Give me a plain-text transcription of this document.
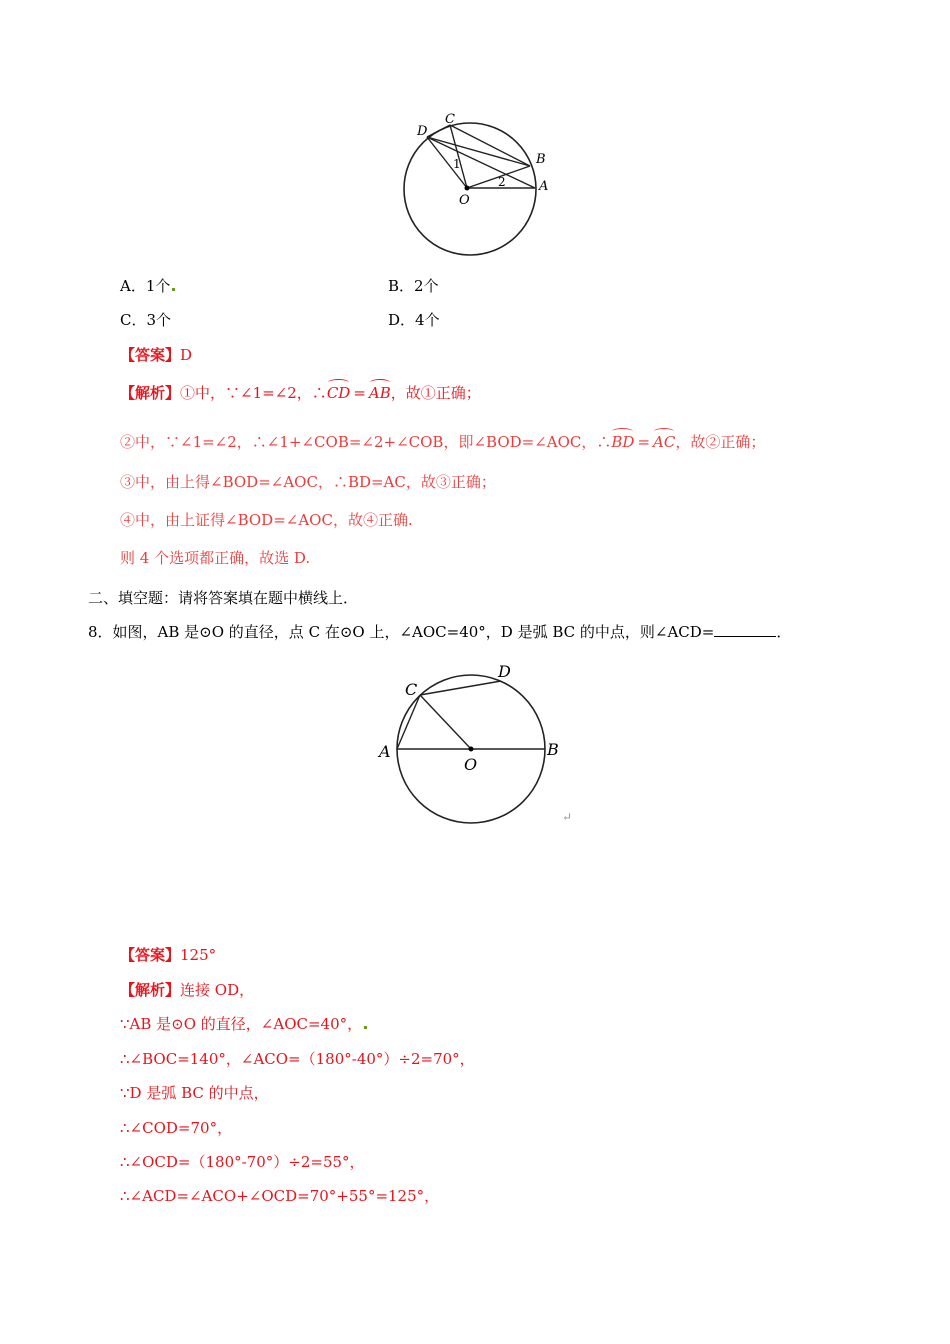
D
C
B
A
O
1
2
A．1个	B．2个
C．3个	D．4个
【答案】D
【解析】①中，∵∠1=∠2，∴CD = AB，故①正确；
②中，∵∠1=∠2，∴∠1+∠COB=∠2+∠COB，即∠BOD=∠AOC，∴BD = AC，故②正确；
③中，由上得∠BOD=∠AOC，∴BD=AC，故③正确；
④中，由上证得∠BOD=∠AOC，故④正确.
则 4 个选项都正确，故选 D.
二、填空题：请将答案填在题中横线上．
8．如图，AB 是⊙O 的直径，点 C 在⊙O 上，∠AOC=40°，D 是弧 BC 的中点，则∠ACD=	．
C
D
A
O
B
↵
【答案】125°
【解析】连接 OD，
∵AB 是⊙O 的直径，∠AOC=40°，
∴∠BOC=140°，∠ACO=（180°-40°）÷2=70°，
∵D 是弧 BC 的中点，
∴∠COD=70°，
∴∠OCD=（180°-70°）÷2=55°，
∴∠ACD=∠ACO+∠OCD=70°+55°=125°，
